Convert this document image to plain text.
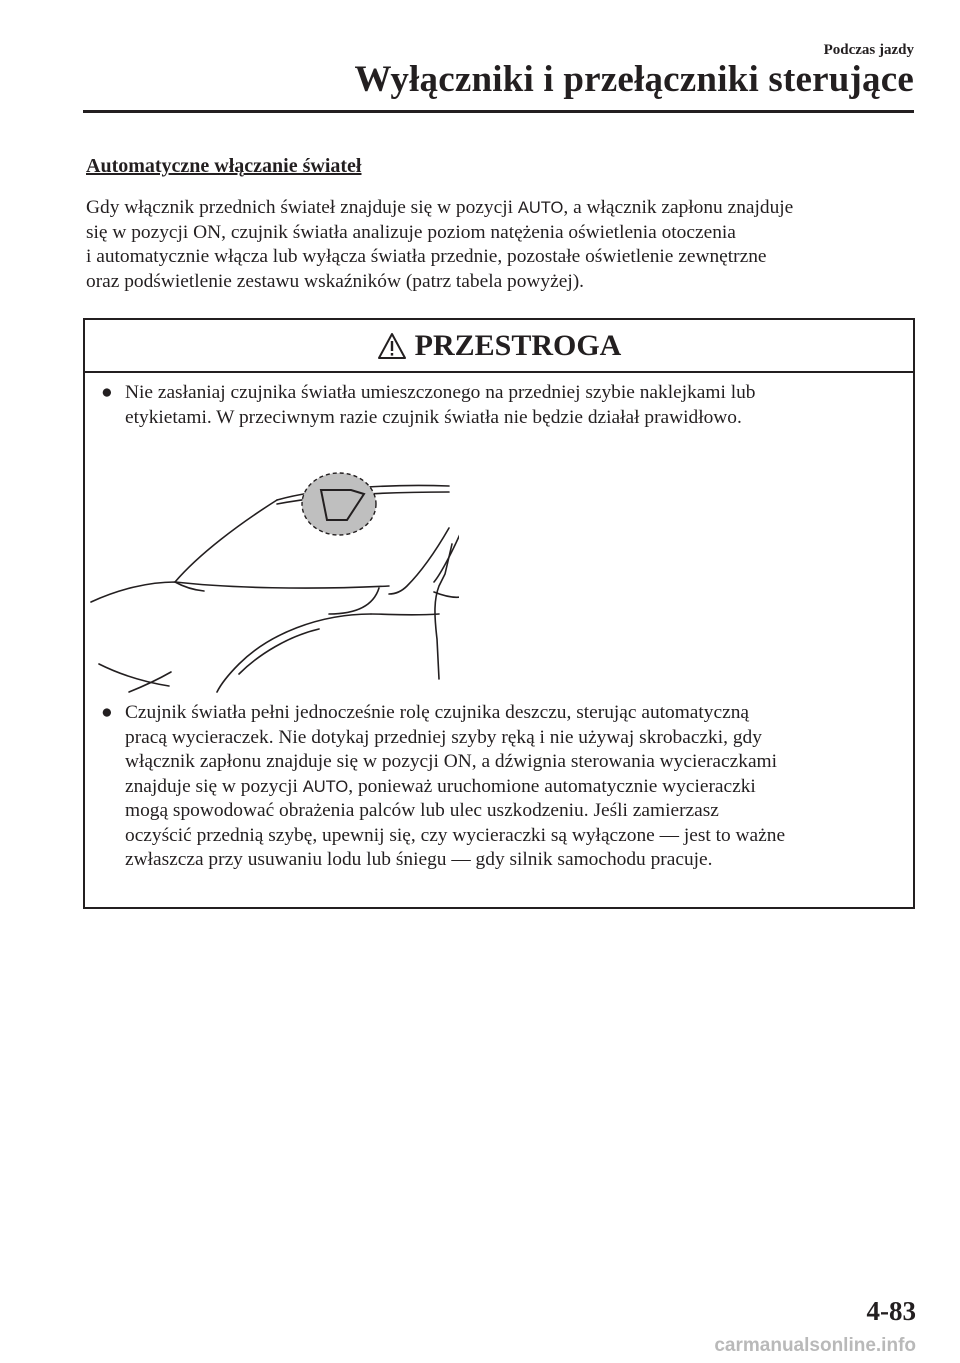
Podczas jazdy
Wyłączniki i przełączniki sterujące
Automatyczne włączanie świateł

Gdy włącznik przednich świateł znajduje się w pozycji AUTO, a włącznik zapłonu znajduje
się w pozycji ON, czujnik światła analizuje poziom natężenia oświetlenia otoczenia
i automatycznie włącza lub wyłącza światła przednie, pozostałe oświetlenie zewnętrzne
oraz podświetlenie zestawu wskaźników (patrz tabela powyżej).

PRZESTROGA
● Nie zasłaniaj czujnika światła umieszczonego na przedniej szybie naklejkami lub
etykietami. W przeciwnym razie czujnik światła nie będzie działał prawidłowo.
● Czujnik światła pełni jednocześnie rolę czujnika deszczu, sterując automatyczną
pracą wycieraczek. Nie dotykaj przedniej szyby ręką i nie używaj skrobaczki, gdy
włącznik zapłonu znajduje się w pozycji ON, a dźwignia sterowania wycieraczkami
znajduje się w pozycji AUTO, ponieważ uruchomione automatycznie wycieraczki
mogą spowodować obrażenia palców lub ulec uszkodzeniu. Jeśli zamierzasz
oczyścić przednią szybę, upewnij się, czy wycieraczki są wyłączone ― jest to ważne
zwłaszcza przy usuwaniu lodu lub śniegu ― gdy silnik samochodu pracuje.
4-83
carmanualsonline.info
